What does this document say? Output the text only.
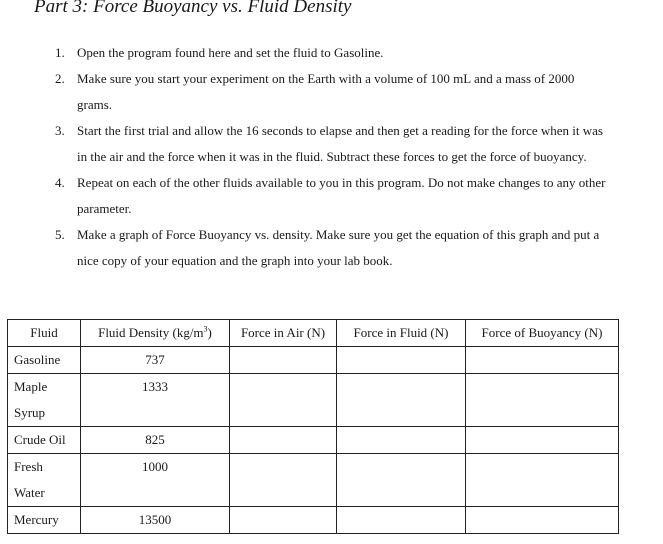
Part 3: Force Buoyancy vs. Fluid Density
1. Open the program found here and set the fluid to Gasoline.
2. Make sure you start your experiment on the Earth with a volume of 100 mL and a mass of 2000 grams.
3. Start the first trial and allow the 16 seconds to elapse and then get a reading for the force when it was in the air and the force when it was in the fluid. Subtract these forces to get the force of buoyancy.
4. Repeat on each of the other fluids available to you in this program. Do not make changes to any other parameter.
5. Make a graph of Force Buoyancy vs. density. Make sure you get the equation of this graph and put a nice copy of your equation and the graph into your lab book.
Fluid	Fluid Density $(kg/m^3)$	Force in Air (N)	Force in Fluid (N)	Force of Buoyancy (N)
Gasoline	737			
Maple Syrup	1333			
Crude Oil	825			
Fresh Water	1000			
Mercury	13500			
